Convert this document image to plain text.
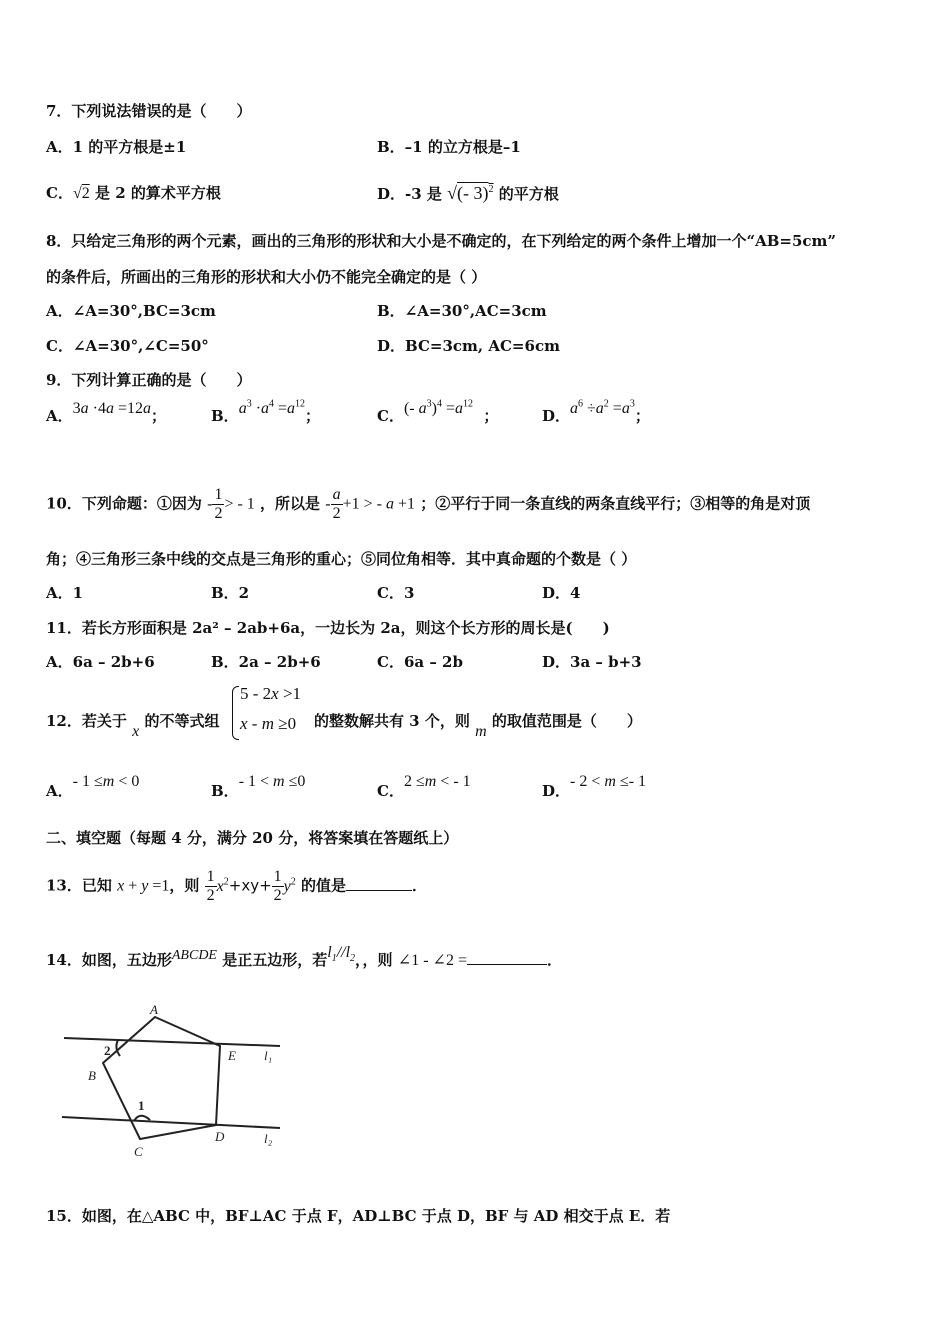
7．下列说法错误的是（　　）
A．1 的平方根是±1	B．–1 的立方根是–1
C．√2 是 2 的算术平方根	D．-3 是 √(- 3)$^2$ 的平方根
8．只给定三角形的两个元素，画出的三角形的形状和大小是不确定的，在下列给定的两个条件上增加一个“AB=5cm”
的条件后，所画出的三角形的形状和大小仍不能完全确定的是（ ）
A．∠A=30°,BC=3cm	B．∠A=30°,AC=3cm
C．∠A=30°,∠C=50°	D．BC=3cm, AC=6cm
9．下列计算正确的是（　　）
A．3a ·4a =12a；	B．$a^3 \cdot a^4 =a^{12}$；	C．(- $a^3)^4 =a^{12}$  ；	D．$a^6 \div a^2 =a^3$；
10．下列命题：①因为 - $\frac{1}{2}$ > - 1 ，所以是 - $\frac{a}{2} +1$ > - a +1 ；②平行于同一条直线的两条直线平行；③相等的角是对顶
角；④三角形三条中线的交点是三角形的重心；⑤同位角相等．其中真命题的个数是（ ）
A．1	B．2	C．3	D．4
11．若长方形面积是 2a² – 2ab+6a，一边长为 2a，则这个长方形的周长是(　　)
A．6a – 2b+6	B．2a – 2b+6	C．6a – 2b	D．3a – b+3
12．若关于 x 的不等式组	的整数解共有 3 个，则 m 的取值范围是（　　）
5 - 2x >1
x - m ≥0
A．- 1 ≤m < 0
B．- 1 < m ≤0
C．2 ≤m < - 1
D．- 2 < m ≤- 1
二、填空题（每题 4 分，满分 20 分，将答案填在答题纸上）
13．已知 x + y =1，则 $\frac{1}{2} x^2+xy+ \frac{1}{2} y^2$ 的值是	．
14．如图，五边形ABCDE 是正五边形，若$l_1//l_2$，，则 ∠1 - ∠2 =	．
A
B
C
D
E
2
1
l₁
l₂
15．如图，在△ABC 中，BF⊥AC 于点 F，AD⊥BC 于点 D，BF 与 AD 相交于点 E．若
